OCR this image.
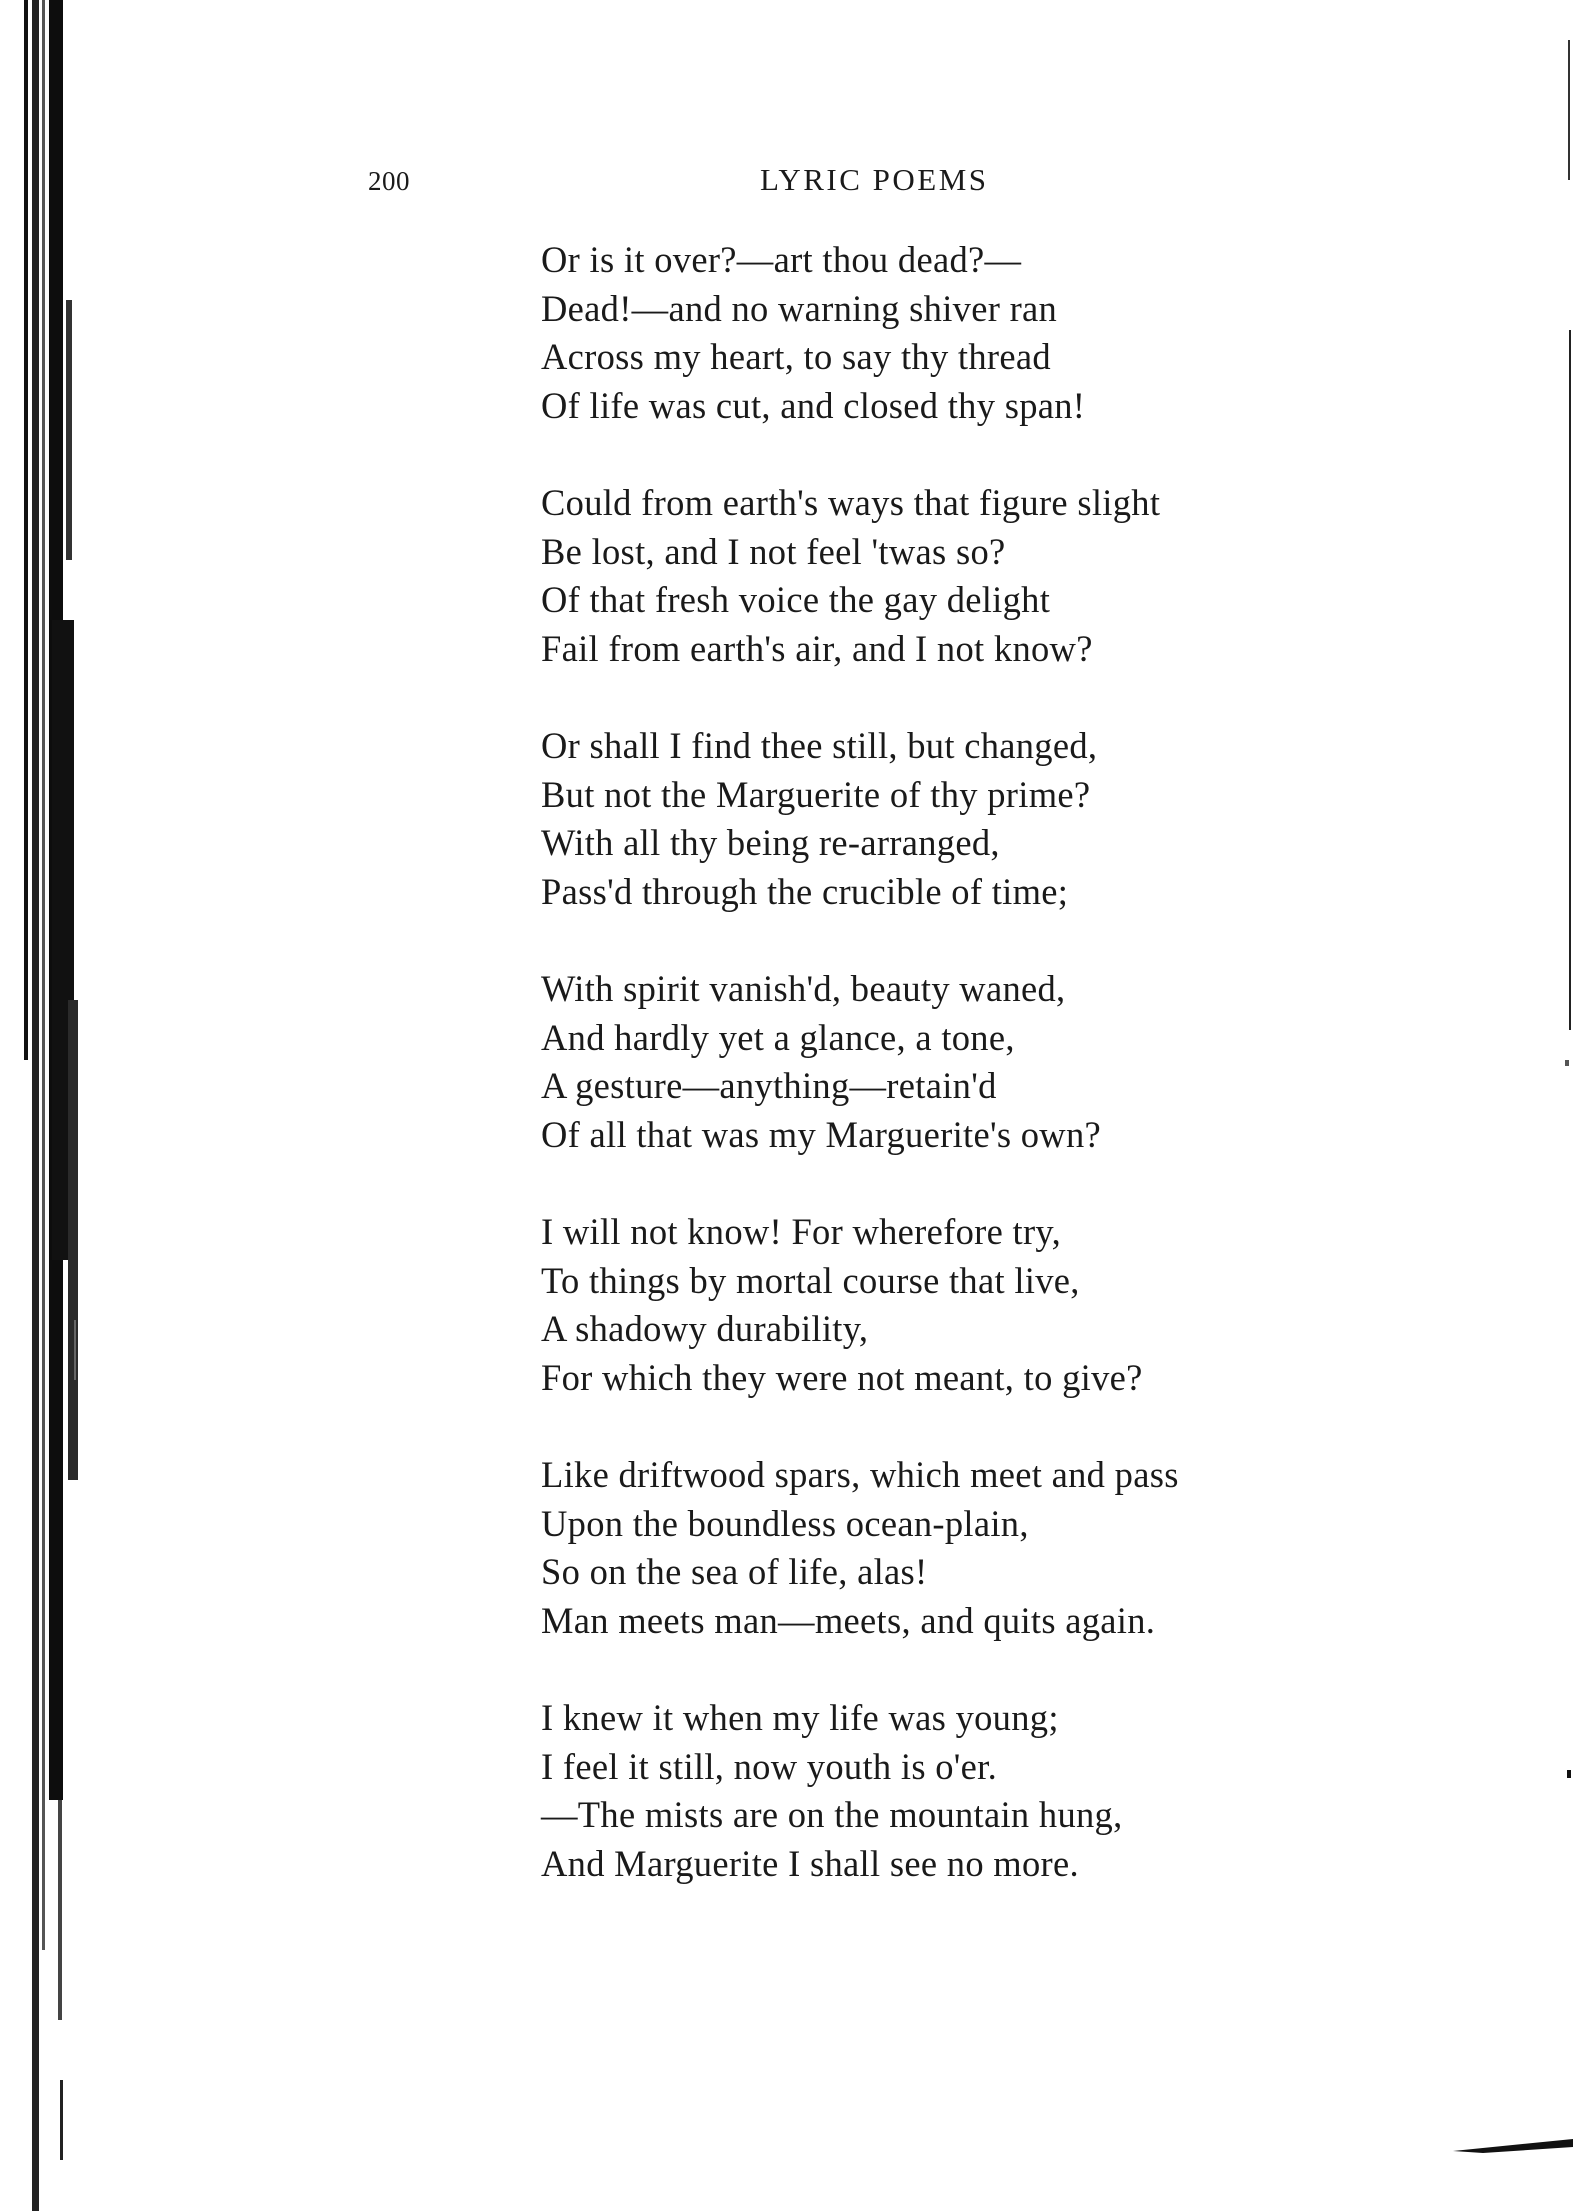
200	LYRIC POEMS
Or is it over?—art thou dead?—
Dead!—and no warning shiver ran
Across my heart, to say thy thread
Of life was cut, and closed thy span!
Could from earth's ways that figure slight
Be lost, and I not feel 'twas so?
Of that fresh voice the gay delight
Fail from earth's air, and I not know?
Or shall I find thee still, but changed,
But not the Marguerite of thy prime?
With all thy being re-arranged,
Pass'd through the crucible of time;
With spirit vanish'd, beauty waned,
And hardly yet a glance, a tone,
A gesture—anything—retain'd
Of all that was my Marguerite's own?
I will not know! For wherefore try,
To things by mortal course that live,
A shadowy durability,
For which they were not meant, to give?
Like driftwood spars, which meet and pass
Upon the boundless ocean-plain,
So on the sea of life, alas!
Man meets man—meets, and quits again.
I knew it when my life was young;
I feel it still, now youth is o'er.
—The mists are on the mountain hung,
And Marguerite I shall see no more.
